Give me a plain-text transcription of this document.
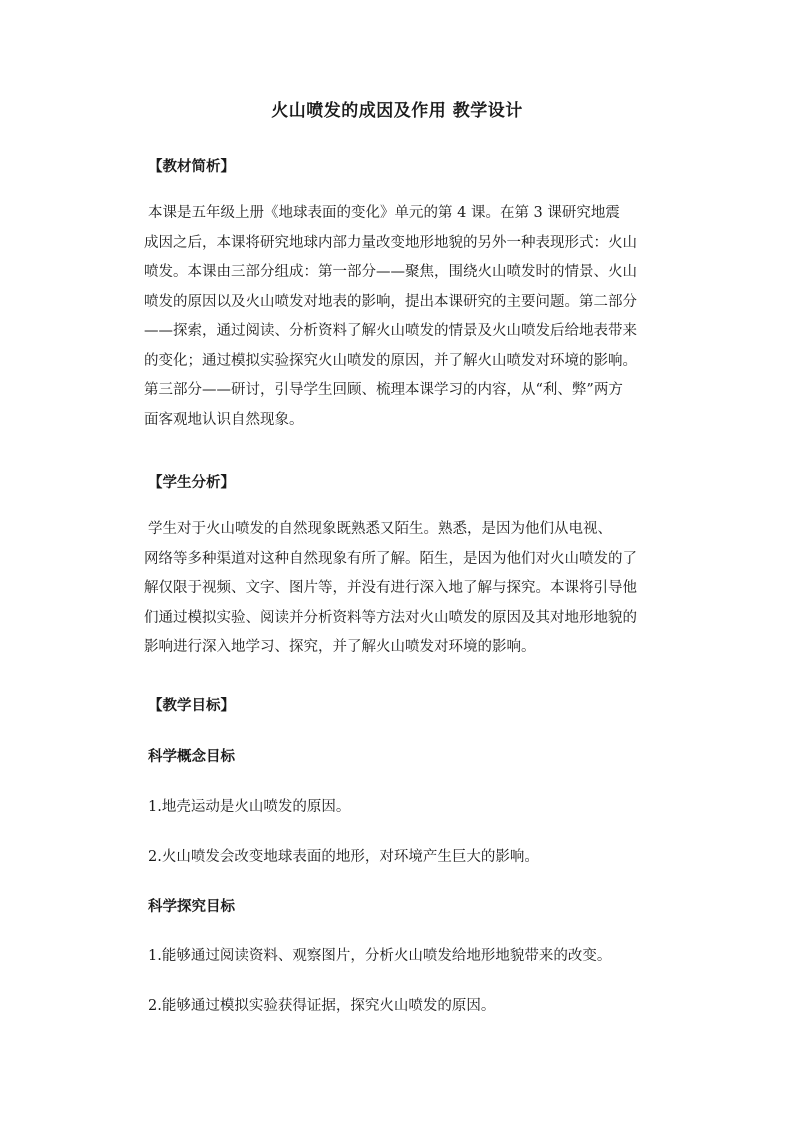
火山喷发的成因及作用 教学设计
【教材简析】
本课是五年级上册《地球表面的变化》单元的第 4 课。在第 3 课研究地震
成因之后，本课将研究地球内部力量改变地形地貌的另外一种表现形式：火山
喷发。本课由三部分组成：第一部分——聚焦，围绕火山喷发时的情景、火山
喷发的原因以及火山喷发对地表的影响，提出本课研究的主要问题。第二部分
——探索，通过阅读、分析资料了解火山喷发的情景及火山喷发后给地表带来
的变化；通过模拟实验探究火山喷发的原因，并了解火山喷发对环境的影响。
第三部分——研讨，引导学生回顾、梳理本课学习的内容，从“利、弊”两方
面客观地认识自然现象。
【学生分析】
学生对于火山喷发的自然现象既熟悉又陌生。熟悉，是因为他们从电视、
网络等多种渠道对这种自然现象有所了解。陌生，是因为他们对火山喷发的了
解仅限于视频、文字、图片等，并没有进行深入地了解与探究。本课将引导他
们通过模拟实验、阅读并分析资料等方法对火山喷发的原因及其对地形地貌的
影响进行深入地学习、探究，并了解火山喷发对环境的影响。
【教学目标】
科学概念目标
1.地壳运动是火山喷发的原因。
2.火山喷发会改变地球表面的地形，对环境产生巨大的影响。
科学探究目标
1.能够通过阅读资料、观察图片，分析火山喷发给地形地貌带来的改变。
2.能够通过模拟实验获得证据，探究火山喷发的原因。
